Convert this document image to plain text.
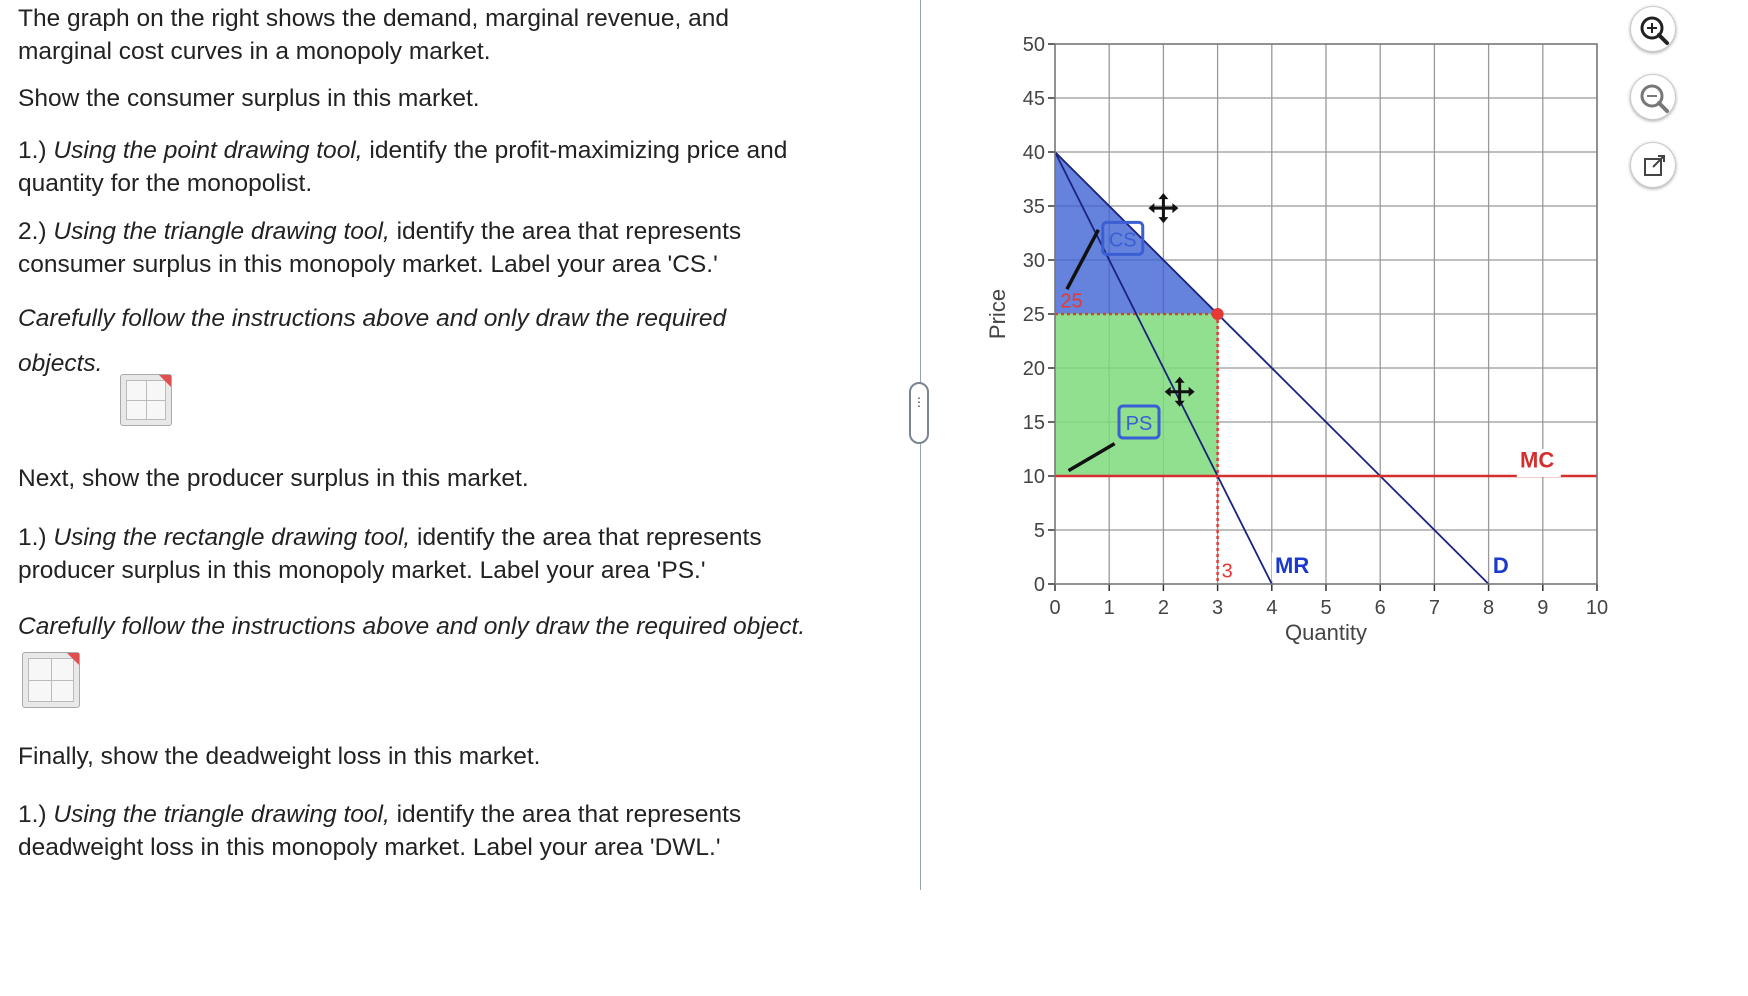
The graph on the right shows the demand, marginal revenue, and marginal cost curves in a monopoly market.

Show the consumer surplus in this market.

1.) Using the point drawing tool, identify the profit-maximizing price and quantity for the monopolist.

2.) Using the triangle drawing tool, identify the area that represents consumer surplus in this monopoly market. Label your area 'CS.'

Carefully follow the instructions above and only draw the required objects.

Next, show the producer surplus in this market.

1.) Using the rectangle drawing tool, identify the area that represents producer surplus in this monopoly market. Label your area 'PS.'

Carefully follow the instructions above and only draw the required object.

Finally, show the deadweight loss in this market.

1.) Using the triangle drawing tool, identify the area that represents deadweight loss in this monopoly market. Label your area 'DWL.'

⋮
0 1 2 3 4 5 6 7 8 9 10
0
5
10
15
20
25
30
35
40
45
50
MC
D
MR
3
25
CS
PS
Quantity
Price
